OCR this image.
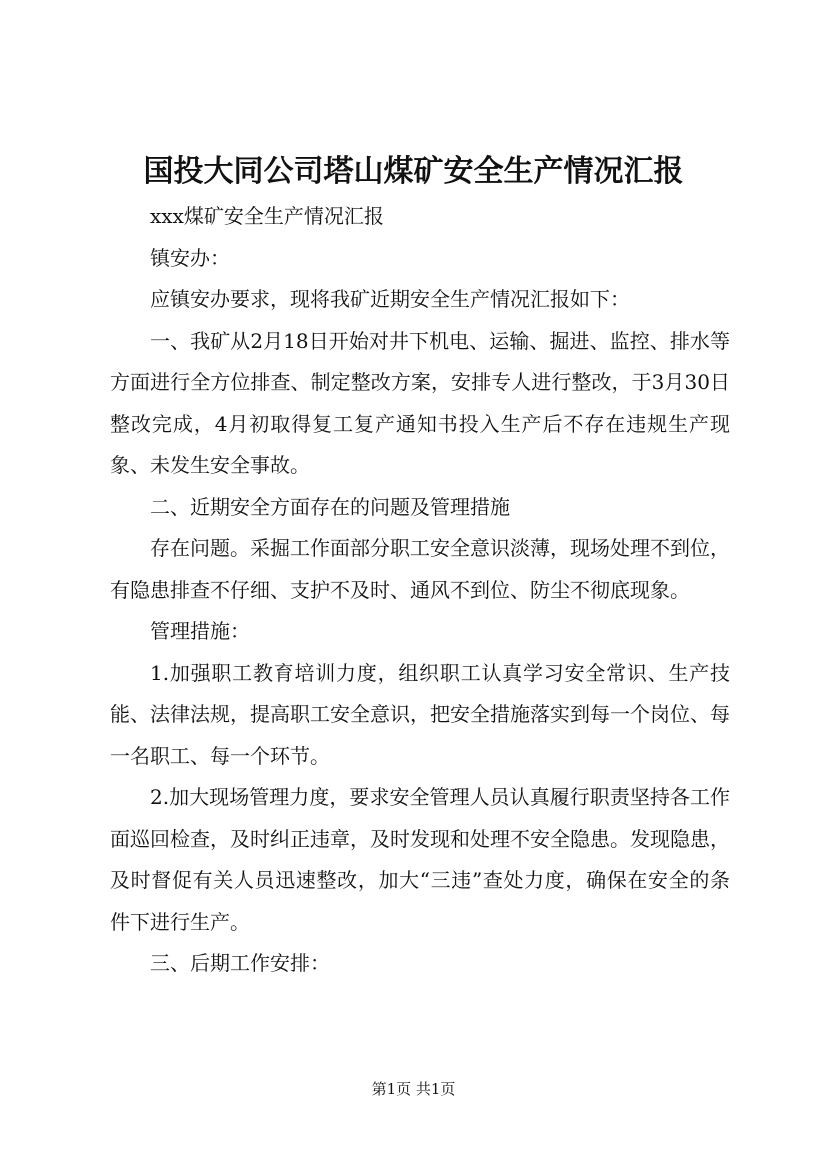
国投大同公司塔山煤矿安全生产情况汇报

xxx煤矿安全生产情况汇报

镇安办：

应镇安办要求，现将我矿近期安全生产情况汇报如下：

一、我矿从2月18日开始对井下机电、运输、掘进、监控、排水等方面进行全方位排查、制定整改方案，安排专人进行整改，于3月30日整改完成，4月初取得复工复产通知书投入生产后不存在违规生产现象、未发生安全事故。

二、近期安全方面存在的问题及管理措施

存在问题。采掘工作面部分职工安全意识淡薄，现场处理不到位，有隐患排查不仔细、支护不及时、通风不到位、防尘不彻底现象。

管理措施：

1.加强职工教育培训力度，组织职工认真学习安全常识、生产技能、法律法规，提高职工安全意识，把安全措施落实到每一个岗位、每一名职工、每一个环节。

2.加大现场管理力度，要求安全管理人员认真履行职责坚持各工作面巡回检查，及时纠正违章，及时发现和处理不安全隐患。发现隐患，及时督促有关人员迅速整改，加大“三违”查处力度，确保在安全的条件下进行生产。

三、后期工作安排：

第1页 共1页
